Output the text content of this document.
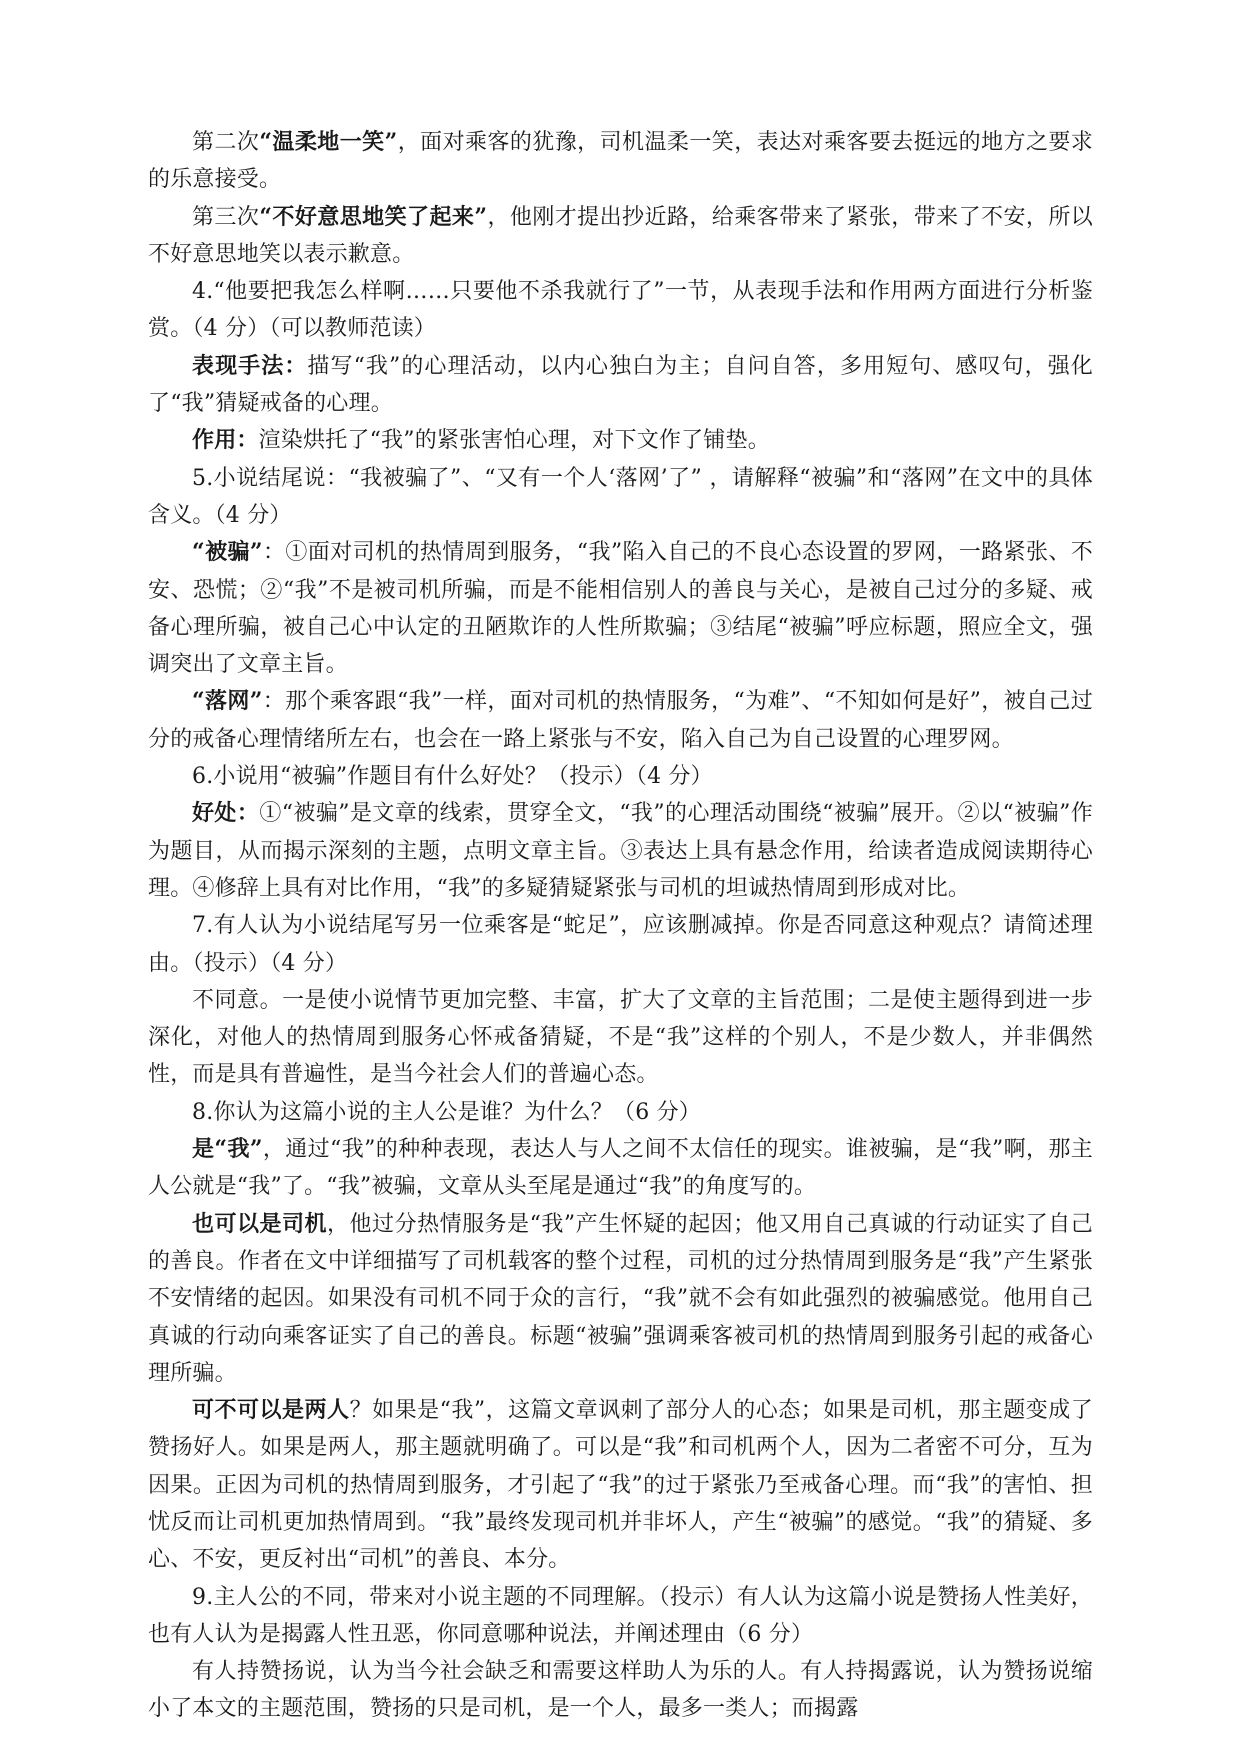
第二次“温柔地一笑”，面对乘客的犹豫，司机温柔一笑，表达对乘客要去挺远的地方之要求的乐意接受。

第三次“不好意思地笑了起来”，他刚才提出抄近路，给乘客带来了紧张，带来了不安，所以不好意思地笑以表示歉意。

4.“他要把我怎么样啊……只要他不杀我就行了”一节，从表现手法和作用两方面进行分析鉴赏。（4 分）（可以教师范读）

表现手法：描写“我”的心理活动，以内心独白为主；自问自答，多用短句、感叹句，强化了“我”猜疑戒备的心理。

作用：渲染烘托了“我”的紧张害怕心理，对下文作了铺垫。

5.小说结尾说：“我被骗了”、“又有一个人‘落网’了” ，请解释“被骗”和“落网”在文中的具体含义。（4 分）

“被骗”：①面对司机的热情周到服务，“我”陷入自己的不良心态设置的罗网，一路紧张、不安、恐慌；②“我”不是被司机所骗，而是不能相信别人的善良与关心，是被自己过分的多疑、戒备心理所骗，被自己心中认定的丑陋欺诈的人性所欺骗；③结尾“被骗”呼应标题，照应全文，强调突出了文章主旨。

“落网”：那个乘客跟“我”一样，面对司机的热情服务，“为难”、“不知如何是好”，被自己过分的戒备心理情绪所左右，也会在一路上紧张与不安，陷入自己为自己设置的心理罗网。

6.小说用“被骗”作题目有什么好处？（投示）（4 分）

好处：①“被骗”是文章的线索，贯穿全文，“我”的心理活动围绕“被骗”展开。②以“被骗”作为题目，从而揭示深刻的主题，点明文章主旨。③表达上具有悬念作用，给读者造成阅读期待心理。④修辞上具有对比作用，“我”的多疑猜疑紧张与司机的坦诚热情周到形成对比。

7.有人认为小说结尾写另一位乘客是“蛇足”，应该删减掉。你是否同意这种观点？请简述理由。（投示）（4 分）

不同意。一是使小说情节更加完整、丰富，扩大了文章的主旨范围；二是使主题得到进一步深化，对他人的热情周到服务心怀戒备猜疑，不是“我”这样的个别人，不是少数人，并非偶然性，而是具有普遍性，是当今社会人们的普遍心态。

8.你认为这篇小说的主人公是谁？为什么？（6 分）

是“我”，通过“我”的种种表现，表达人与人之间不太信任的现实。谁被骗，是“我”啊，那主人公就是“我”了。“我”被骗，文章从头至尾是通过“我”的角度写的。

也可以是司机，他过分热情服务是“我”产生怀疑的起因；他又用自己真诚的行动证实了自己的善良。作者在文中详细描写了司机载客的整个过程，司机的过分热情周到服务是“我”产生紧张不安情绪的起因。如果没有司机不同于众的言行，“我”就不会有如此强烈的被骗感觉。他用自己真诚的行动向乘客证实了自己的善良。标题“被骗”强调乘客被司机的热情周到服务引起的戒备心理所骗。

可不可以是两人？如果是“我”，这篇文章讽刺了部分人的心态；如果是司机，那主题变成了赞扬好人。如果是两人，那主题就明确了。可以是“我”和司机两个人，因为二者密不可分，互为因果。正因为司机的热情周到服务，才引起了“我”的过于紧张乃至戒备心理。而“我”的害怕、担忧反而让司机更加热情周到。“我”最终发现司机并非坏人，产生“被骗”的感觉。“我”的猜疑、多心、不安，更反衬出“司机”的善良、本分。

9.主人公的不同，带来对小说主题的不同理解。（投示）有人认为这篇小说是赞扬人性美好，也有人认为是揭露人性丑恶，你同意哪种说法，并阐述理由（6 分）

有人持赞扬说，认为当今社会缺乏和需要这样助人为乐的人。有人持揭露说，认为赞扬说缩小了本文的主题范围，赞扬的只是司机，是一个人，最多一类人；而揭露
